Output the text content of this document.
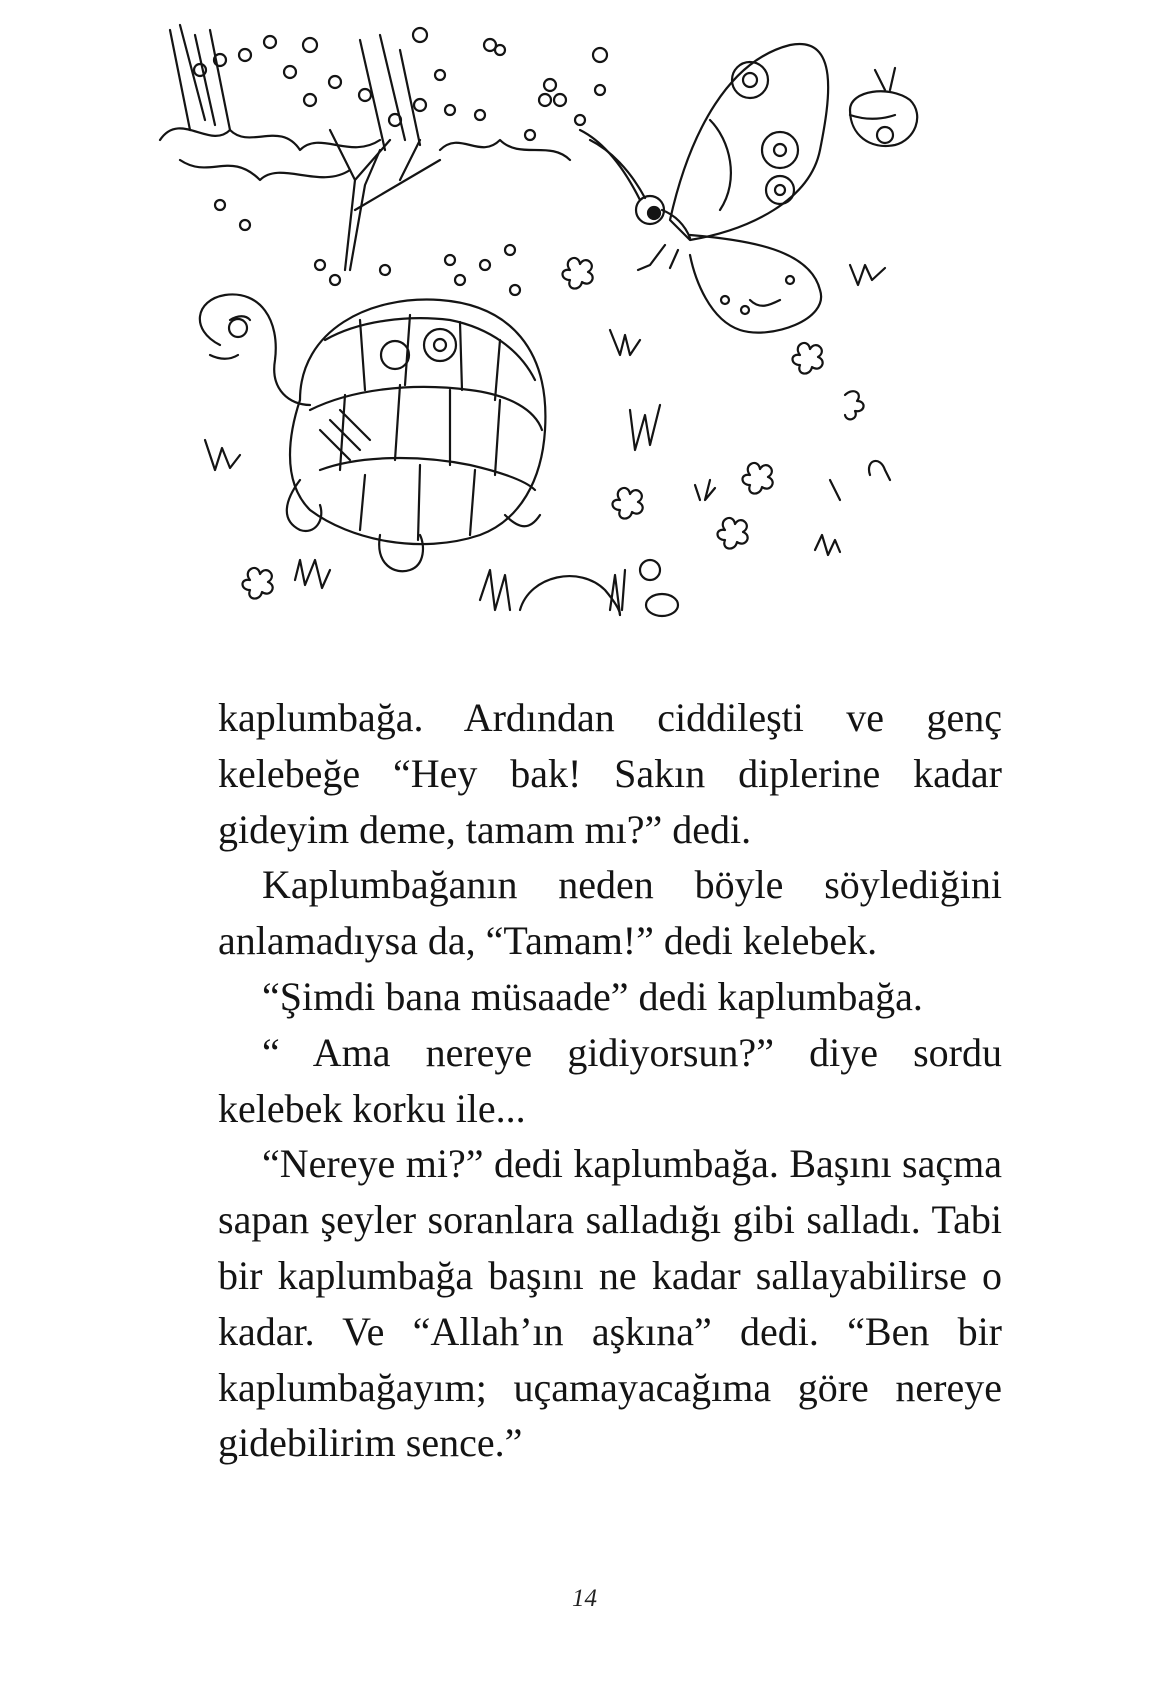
kaplumbağa. Ardından ciddileşti ve genç kelebeğe “Hey bak! Sakın diplerine kadar gideyim deme, tamam mı?” dedi.

Kaplumbağanın neden böyle söylediğini anlamadıysa da, “Tamam!” dedi kelebek.

“Şimdi bana müsaade” dedi kaplumbağa.

“ Ama nereye gidiyorsun?” diye sordu kelebek korku ile...

“Nereye mi?” dedi kaplumbağa. Başını saçma sapan şeyler soranlara salladığı gibi salladı. Tabi bir kaplumbağa başını ne kadar sallayabilirse o kadar. Ve “Allah’ın aşkına” dedi. “Ben bir kaplumbağayım; uçamayacağıma göre nereye gidebilirim sence.”

14
